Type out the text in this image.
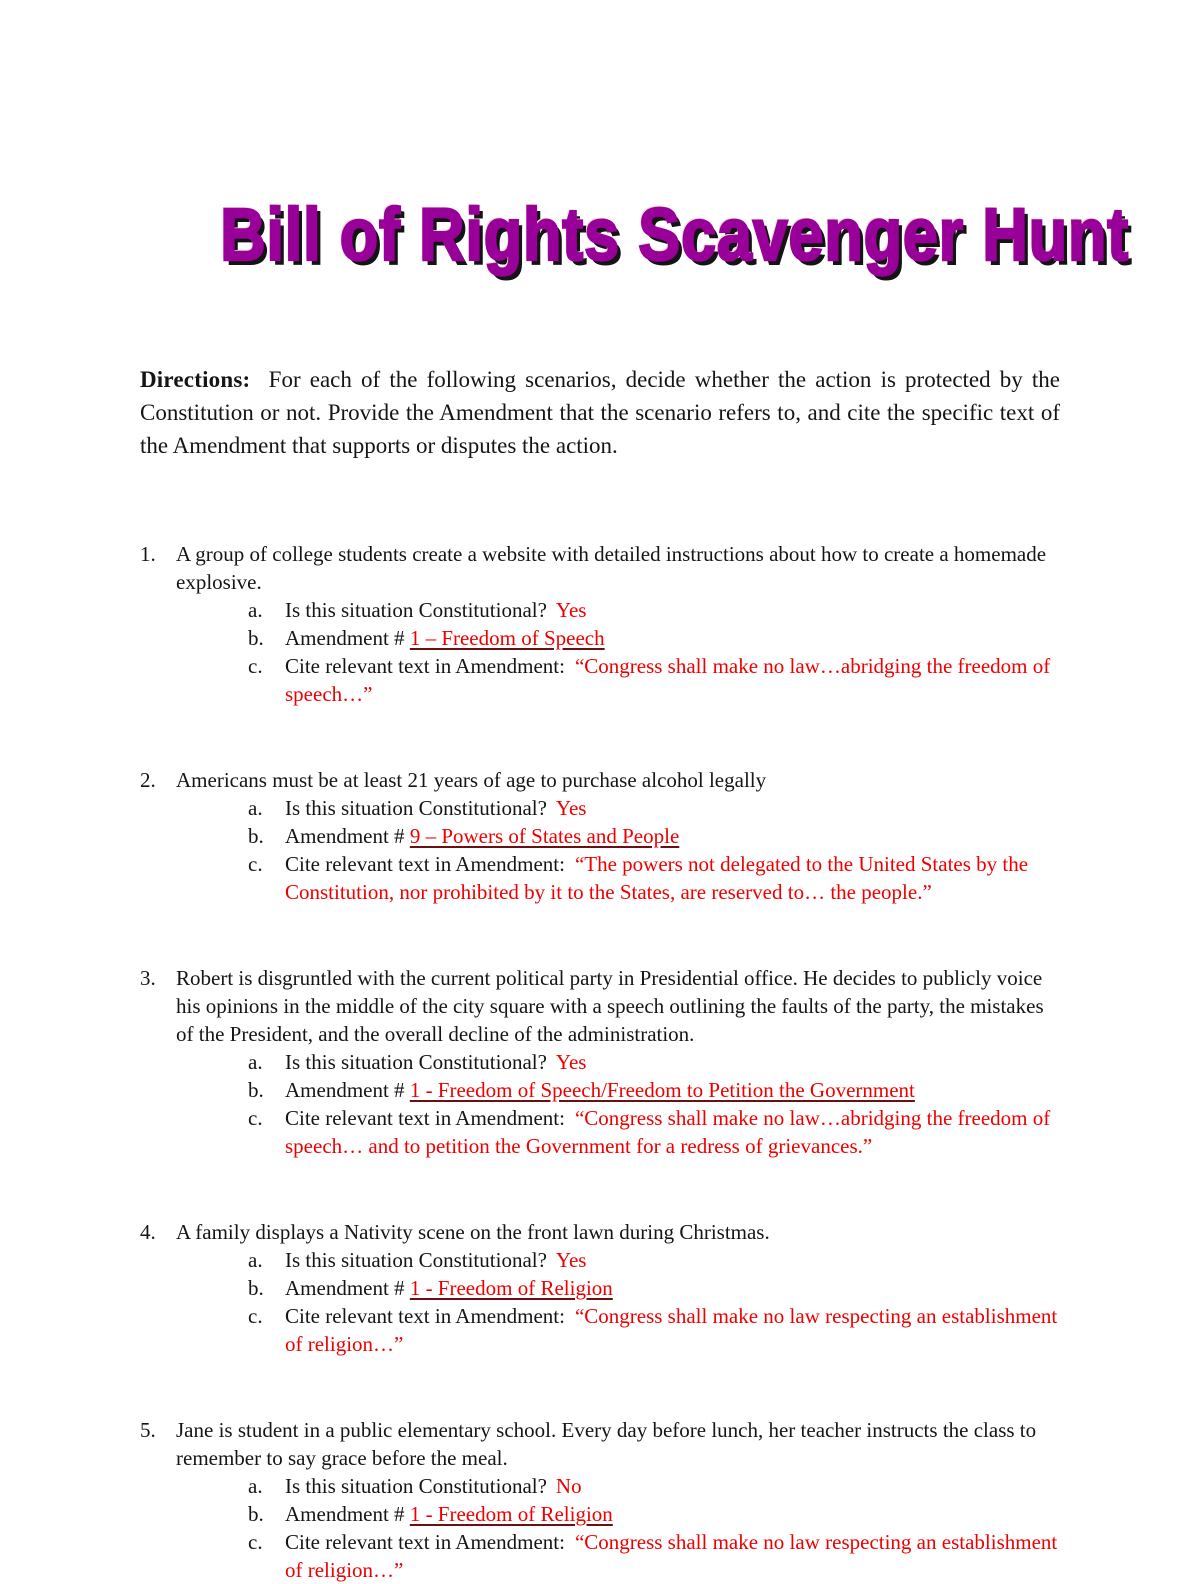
Bill of Rights Scavenger Hunt

Directions: For each of the following scenarios, decide whether the action is protected by the Constitution or not. Provide the Amendment that the scenario refers to, and cite the specific text of the Amendment that supports or disputes the action.

1. A group of college students create a website with detailed instructions about how to create a homemade explosive.
a.	Is this situation Constitutional? Yes
b.	Amendment # 1 – Freedom of Speech
c.	Cite relevant text in Amendment: “Congress shall make no law…abridging the freedom of speech…”
2. Americans must be at least 21 years of age to purchase alcohol legally
a.	Is this situation Constitutional? Yes
b.	Amendment # 9 – Powers of States and People
c.	Cite relevant text in Amendment: “The powers not delegated to the United States by the Constitution, nor prohibited by it to the States, are reserved to… the people.”
3. Robert is disgruntled with the current political party in Presidential office. He decides to publicly voice his opinions in the middle of the city square with a speech outlining the faults of the party, the mistakes of the President, and the overall decline of the administration.
a.	Is this situation Constitutional? Yes
b.	Amendment # 1 - Freedom of Speech/Freedom to Petition the Government
c.	Cite relevant text in Amendment: “Congress shall make no law…abridging the freedom of speech… and to petition the Government for a redress of grievances.”
4. A family displays a Nativity scene on the front lawn during Christmas.
a.	Is this situation Constitutional? Yes
b.	Amendment # 1 - Freedom of Religion
c.	Cite relevant text in Amendment: “Congress shall make no law respecting an establishment of religion…”
5. Jane is student in a public elementary school. Every day before lunch, her teacher instructs the class to remember to say grace before the meal.
a.	Is this situation Constitutional? No
b.	Amendment # 1 - Freedom of Religion
c.	Cite relevant text in Amendment: “Congress shall make no law respecting an establishment of religion…”
